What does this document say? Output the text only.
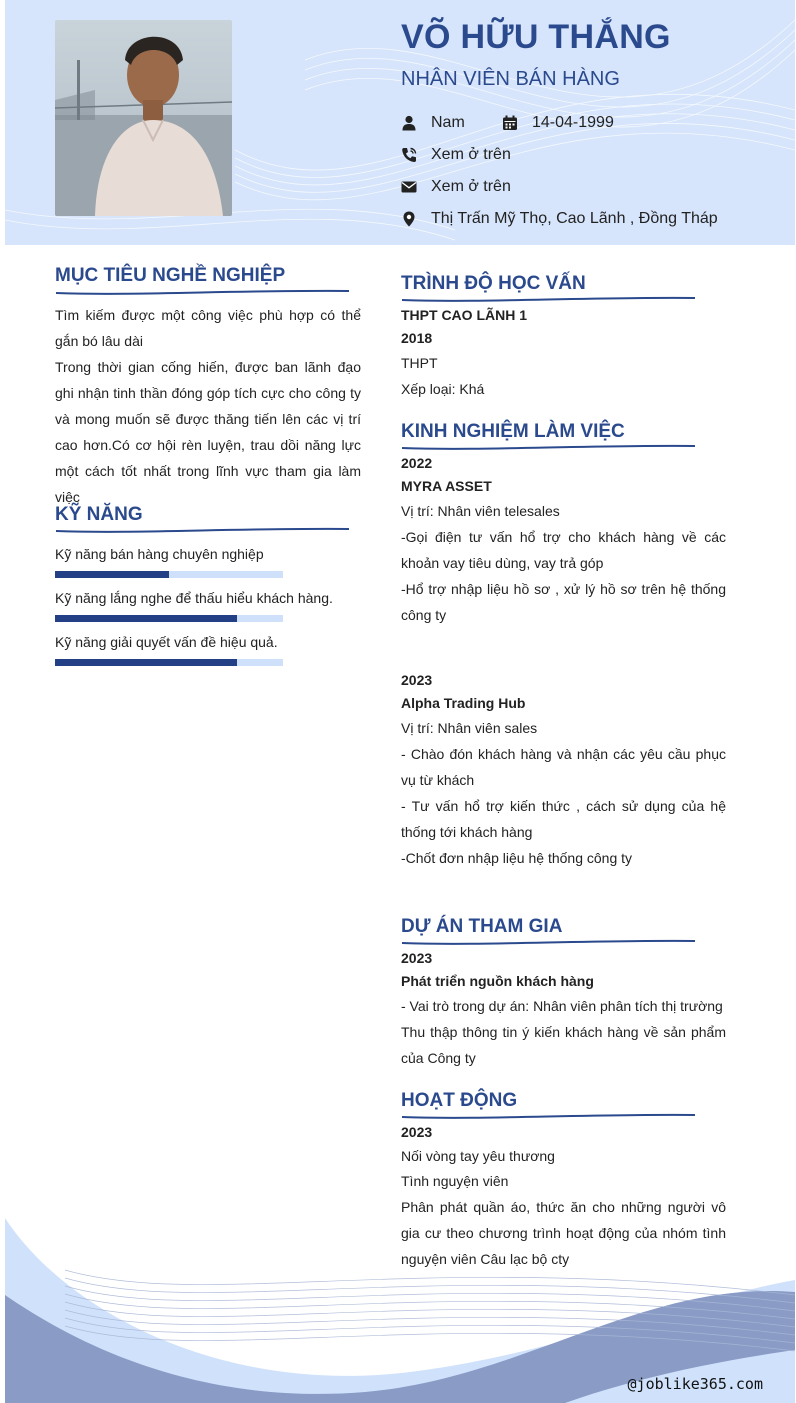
VÕ HỮU THẮNG
NHÂN VIÊN BÁN HÀNG
Nam	14-04-1999
Xem ở trên
Xem ở trên
Thị Trấn Mỹ Thọ, Cao Lãnh , Đồng Tháp
MỤC TIÊU NGHỀ NGHIỆP
Tìm kiếm được một công việc phù hợp có thể gắn bó lâu dài
Trong thời gian cống hiến, được ban lãnh đạo ghi nhận tinh thần đóng góp tích cực cho công ty và mong muốn sẽ được thăng tiến lên các vị trí cao hơn.Có cơ hội rèn luyện, trau dồi năng lực một cách tốt nhất trong lĩnh vực tham gia làm việc
KỸ NĂNG
Kỹ năng bán hàng chuyên nghiệp
Kỹ năng lắng nghe để thấu hiểu khách hàng.
Kỹ năng giải quyết vấn đề hiệu quả.
TRÌNH ĐỘ HỌC VẤN
THPT CAO LÃNH 1
2018
THPT
Xếp loại: Khá
KINH NGHIỆM LÀM VIỆC
2022
MYRA ASSET
Vị trí: Nhân viên telesales
-Gọi điện tư vấn hổ trợ cho khách hàng về các khoản vay tiêu dùng, vay trả góp
-Hổ trợ nhập liệu hồ sơ , xử lý hồ sơ trên hệ thống công ty
2023
Alpha Trading Hub
Vị trí: Nhân viên sales
- Chào đón khách hàng và nhận các yêu cầu phục vụ từ khách
- Tư vấn hổ trợ kiến thức , cách sử dụng của hệ thống tới khách hàng
-Chốt đơn nhập liệu hệ thống công ty
DỰ ÁN THAM GIA
2023
Phát triển nguồn khách hàng
- Vai trò trong dự án: Nhân viên phân tích thị trường
Thu thập thông tin ý kiến khách hàng về sản phẩm của Công ty
HOẠT ĐỘNG
2023
Nối vòng tay yêu thương
Tình nguyện viên
Phân phát quần áo, thức ăn cho những người vô gia cư theo chương trình hoạt động của nhóm tình nguyện viên Câu lạc bộ cty
@joblike365.com
